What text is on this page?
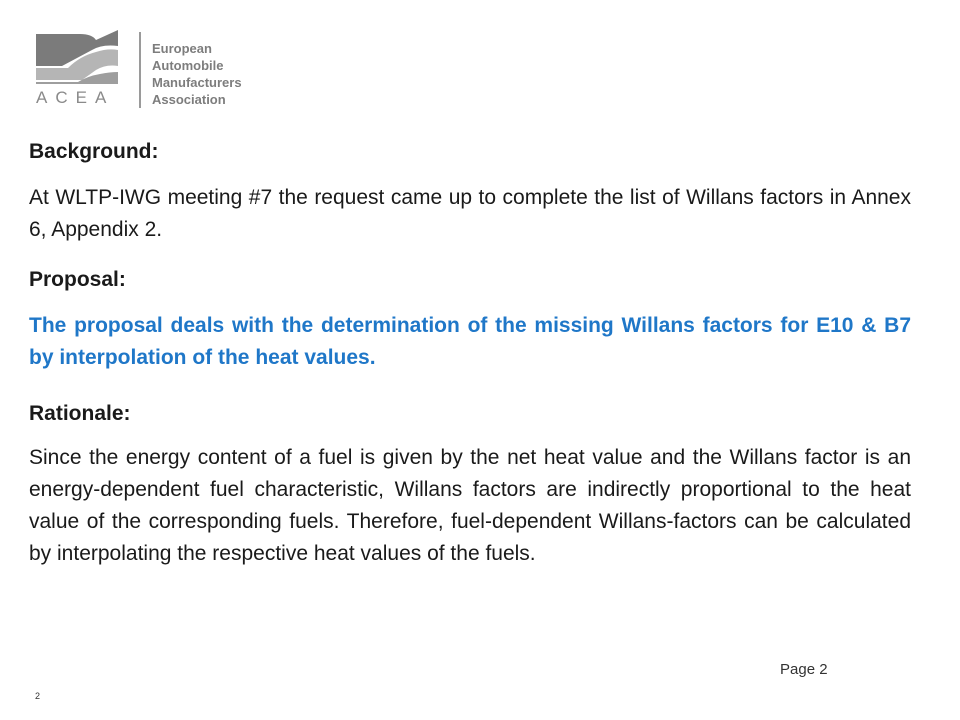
European
Automobile
Manufacturers
Association
ACEA

Background:

At WLTP-IWG meeting #7 the request came up to complete the list of Willans factors in Annex 6, Appendix 2.

Proposal:

The proposal deals with the determination of the missing Willans factors for E10 & B7 by interpolation of the heat values.

Rationale:

Since the energy content of a fuel is given by the net heat value and the Willans factor is an energy-dependent fuel characteristic, Willans factors are indirectly proportional to the heat value of the corresponding fuels. Therefore, fuel-dependent Willans-factors can be calculated by interpolating the respective heat values of the fuels.

Page 2
2
